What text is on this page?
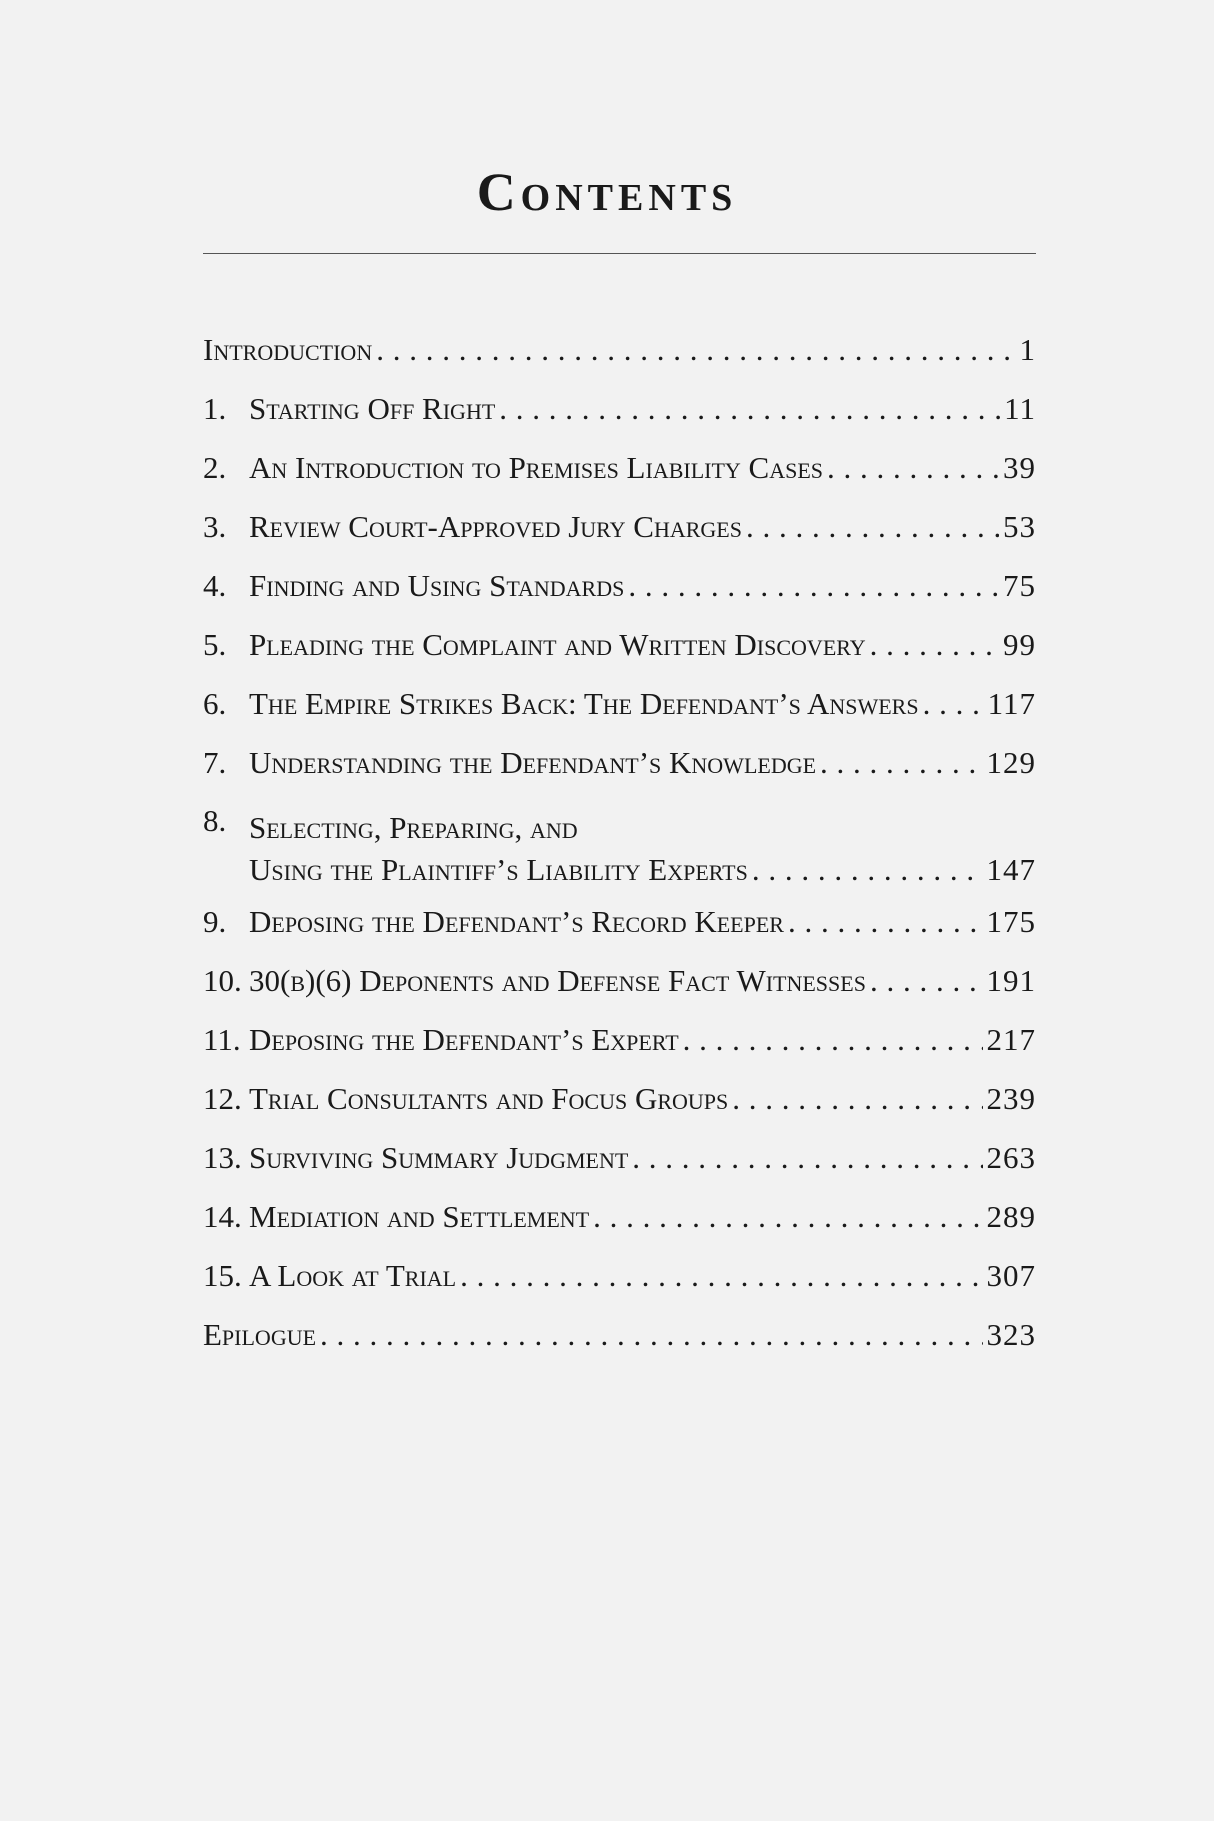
Contents
Introduction . . .	1
1. Starting Off Right . . .	11
2. An Introduction to Premises Liability Cases . . .	39
3. Review Court-Approved Jury Charges . . .	53
4. Finding and Using Standards . . .	75
5. Pleading the Complaint and Written Discovery . . .	99
6. The Empire Strikes Back: The Defendant’s Answers . . . 117
7. Understanding the Defendant’s Knowledge . . .	129
8. Selecting, Preparing, and
Using the Plaintiff’s Liability Experts . . .	147
9. Deposing the Defendant’s Record Keeper . . .	175
10. 30(b)(6) Deponents and Defense Fact Witnesses . . .	191
11. Deposing the Defendant’s Expert . . .	217
12. Trial Consultants and Focus Groups . . .	239
13. Surviving Summary Judgment . . .	263
14. Mediation and Settlement . . .	289
15. A Look at Trial . . .	307
Epilogue . . .	323
